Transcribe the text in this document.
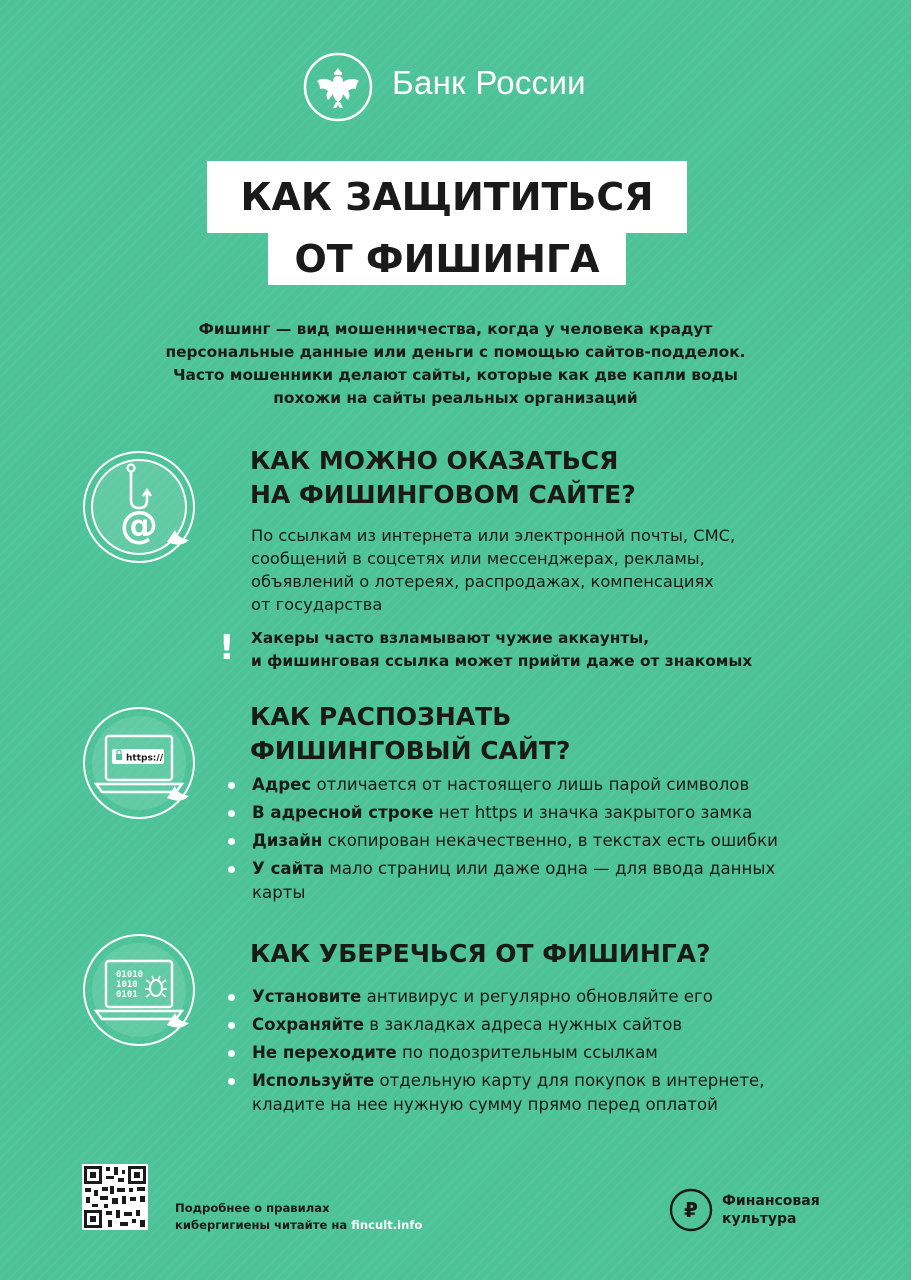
Банк России
КАК ЗАЩИТИТЬСЯ
ОТ ФИШИНГА
Фишинг — вид мошенничества, когда у человека крадут
персональные данные или деньги с помощью сайтов-подделок.
Часто мошенники делают сайты, которые как две капли воды
похожи на сайты реальных организаций
@
КАК МОЖНО ОКАЗАТЬСЯ
НА ФИШИНГОВОМ САЙТЕ?
По ссылкам из интернета или электронной почты, СМС,
сообщений в соцсетях или мессенджерах, рекламы,
объявлений о лотереях, распродажах, компенсациях
от государства
! Хакеры часто взламывают чужие аккаунты,
и фишинговая ссылка может прийти даже от знакомых
https://
КАК РАСПОЗНАТЬ
ФИШИНГОВЫЙ САЙТ?
Адрес отличается от настоящего лишь парой символов
В адресной строке нет https и значка закрытого замка
Дизайн скопирован некачественно, в текстах есть ошибки
У сайта мало страниц или даже одна — для ввода данных карты
01010
1010
0101
КАК УБЕРЕЧЬСЯ ОТ ФИШИНГА?
Установите антивирус и регулярно обновляйте его
Сохраняйте в закладках адреса нужных сайтов
Не переходите по подозрительным ссылкам
Используйте отдельную карту для покупок в интернете, кладите на нее нужную сумму прямо перед оплатой
Подробнее о правилах
кибергигиены читайте на fincult.info
₽ Финансовая
культура
